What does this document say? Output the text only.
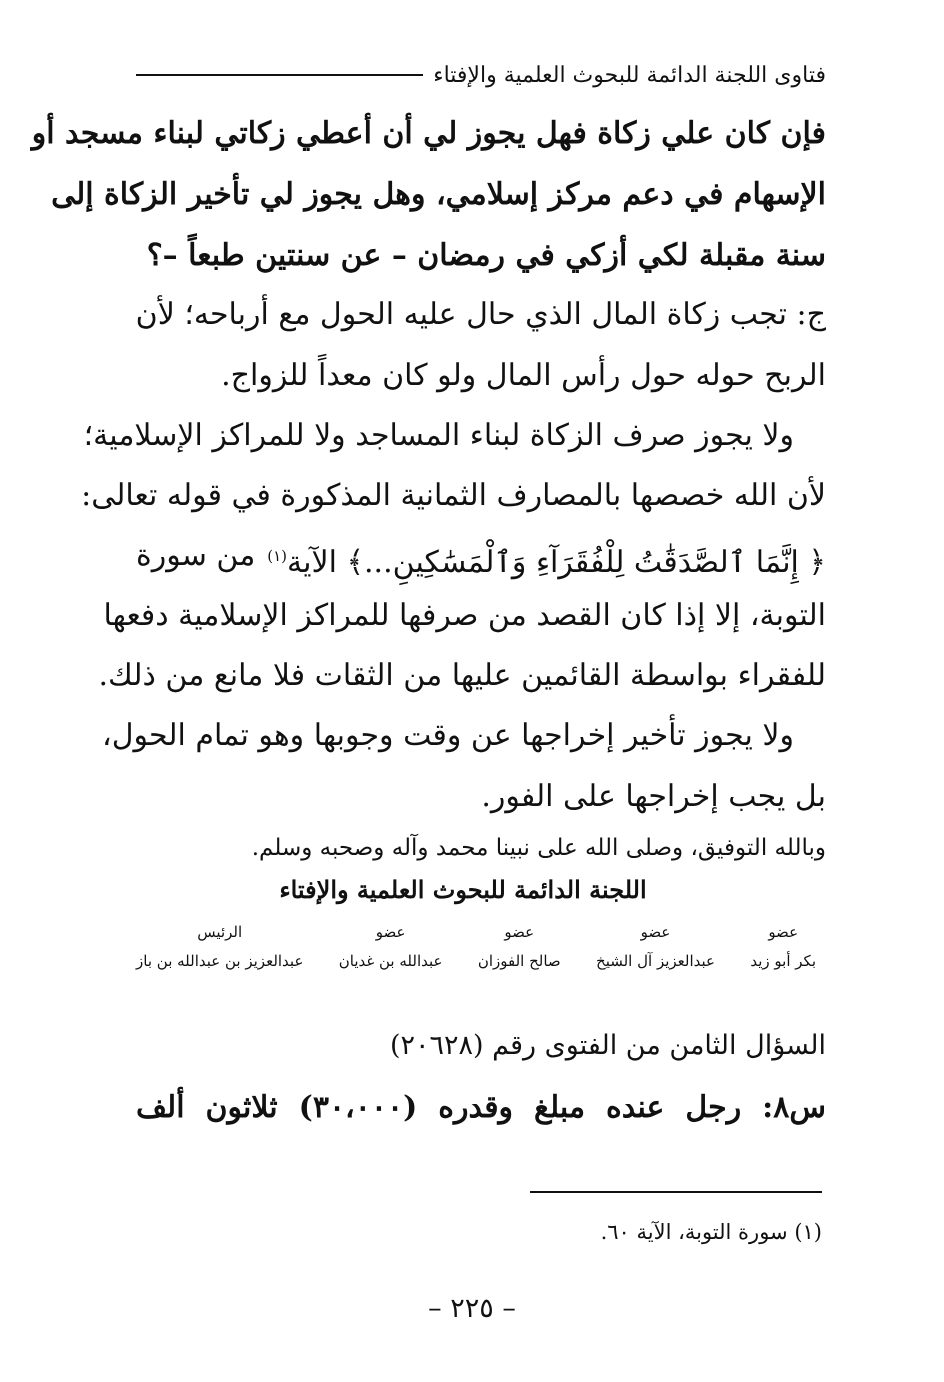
فتاوى اللجنة الدائمة للبحوث العلمية والإفتاء
فإن كان علي زكاة فهل يجوز لي أن أعطي زكاتي لبناء مسجد أو
الإسهام في دعم مركز إسلامي، وهل يجوز لي تأخير الزكاة إلى
سنة مقبلة لكي أزكي في رمضان – عن سنتين طبعاً –؟
ج: تجب زكاة المال الذي حال عليه الحول مع أرباحه؛ لأن
الربح حوله حول رأس المال ولو كان معداً للزواج.
ولا يجوز صرف الزكاة لبناء المساجد ولا للمراكز الإسلامية؛
لأن الله خصصها بالمصارف الثمانية المذكورة في قوله تعالى:
﴿ إِنَّمَا ٱلصَّدَقَٰتُ لِلْفُقَرَآءِ وَٱلْمَسَٰكِينِ...﴾ الآية$^{(١)}$
من سورة
التوبة، إلا إذا كان القصد من صرفها للمراكز الإسلامية دفعها
للفقراء بواسطة القائمين عليها من الثقات فلا مانع من ذلك.
ولا يجوز تأخير إخراجها عن وقت وجوبها وهو تمام الحول،
بل يجب إخراجها على الفور.
وبالله التوفيق، وصلى الله على نبينا محمد وآله وصحبه وسلم.
اللجنة الدائمة للبحوث العلمية والإفتاء
عضو
بكر أبو زيد
عضو
عبدالعزيز آل الشيخ
عضو
صالح الفوزان
عضو
عبدالله بن غديان
الرئيس
عبدالعزيز بن عبدالله بن باز
السؤال الثامن من الفتوى رقم (٢٠٦٢٨)
س٨: رجل عنده مبلغ وقدره (٣٠،٠٠٠) ثلاثون ألف
(١) سورة التوبة، الآية ٦٠.
– ٢٢٥ –
